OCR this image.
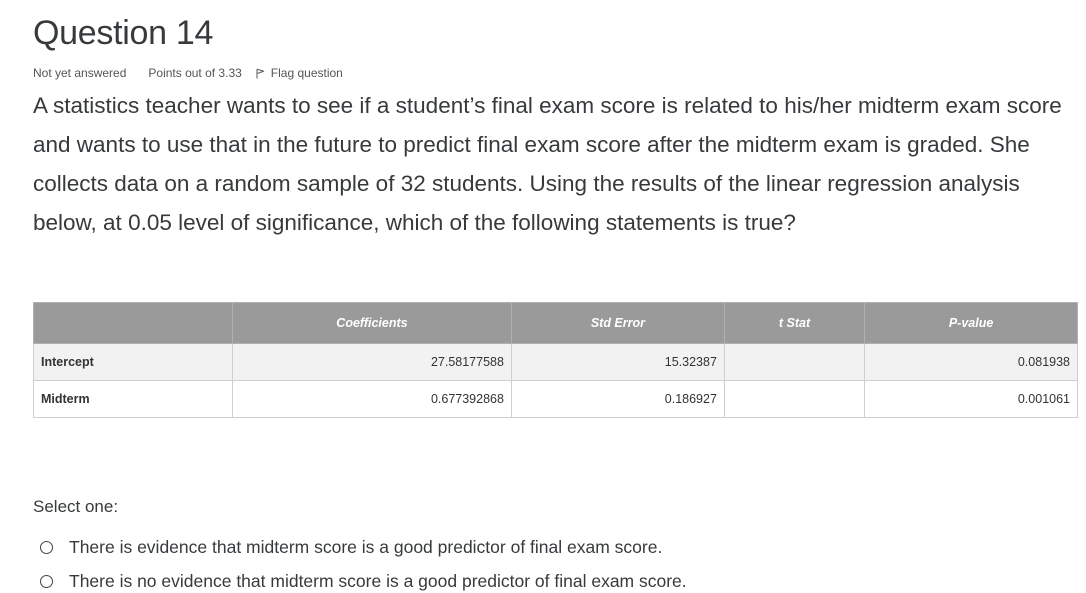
Question 14
Not yet answered Points out of 3.33 Flag question

A statistics teacher wants to see if a student’s final exam score is related to his/her midterm exam score and wants to use that in the future to predict final exam score after the midterm exam is graded. She collects data on a random sample of 32 students. Using the results of the linear regression analysis below, at 0.05 level of significance, which of the following statements is true?

	Coefficients	Std Error	t Stat	P-value
Intercept	27.58177588	15.32387		0.081938
Midterm	0.677392868	0.186927		0.001061
Select one:
There is evidence that midterm score is a good predictor of final exam score.
There is no evidence that midterm score is a good predictor of final exam score.
